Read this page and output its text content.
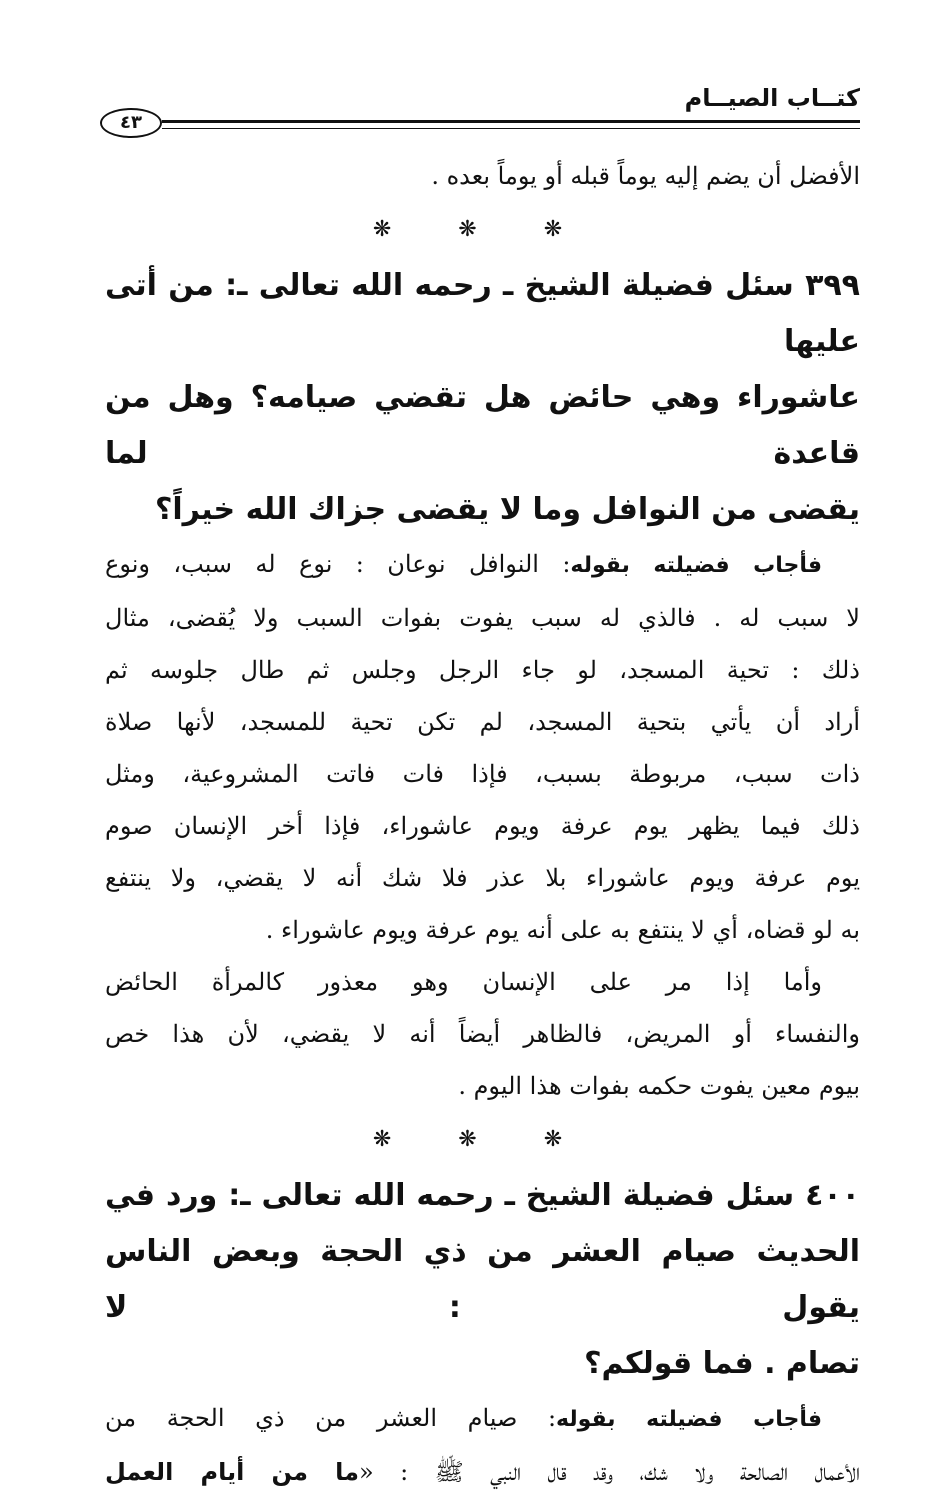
كتــاب الصيــام
٤٣

الأفضل أن يضم إليه يوماً قبله أو يوماً بعده .

❋ ❋ ❋

٣٩٩ سئل فضيلة الشيخ ـ رحمه الله تعالى ـ: من أتى عليها

عاشوراء وهي حائض هل تقضي صيامه؟ وهل من قاعدة لما

يقضى من النوافل وما لا يقضى جزاك الله خيراً؟

فأجاب فضيلته بقوله: النوافل نوعان : نوع له سبب، ونوع

لا سبب له . فالذي له سبب يفوت بفوات السبب ولا يُقضى، مثال

ذلك : تحية المسجد، لو جاء الرجل وجلس ثم طال جلوسه ثم

أراد أن يأتي بتحية المسجد، لم تكن تحية للمسجد، لأنها صلاة

ذات سبب، مربوطة بسبب، فإذا فات فاتت المشروعية، ومثل

ذلك فيما يظهر يوم عرفة ويوم عاشوراء، فإذا أخر الإنسان صوم

يوم عرفة ويوم عاشوراء بلا عذر فلا شك أنه لا يقضي، ولا ينتفع

به لو قضاه، أي لا ينتفع به على أنه يوم عرفة ويوم عاشوراء .

وأما إذا مر على الإنسان وهو معذور كالمرأة الحائض

والنفساء أو المريض، فالظاهر أيضاً أنه لا يقضي، لأن هذا خص

بيوم معين يفوت حكمه بفوات هذا اليوم .

❋ ❋ ❋

٤٠٠ سئل فضيلة الشيخ ـ رحمه الله تعالى ـ: ورد في

الحديث صيام العشر من ذي الحجة وبعض الناس يقول : لا

تصام . فما قولكم؟

فأجاب فضيلته بقوله: صيام العشر من ذي الحجة من

الأعمال الصالحة ولا شك، وقد قال النبي ﷺ : «ما من أيام العمل
